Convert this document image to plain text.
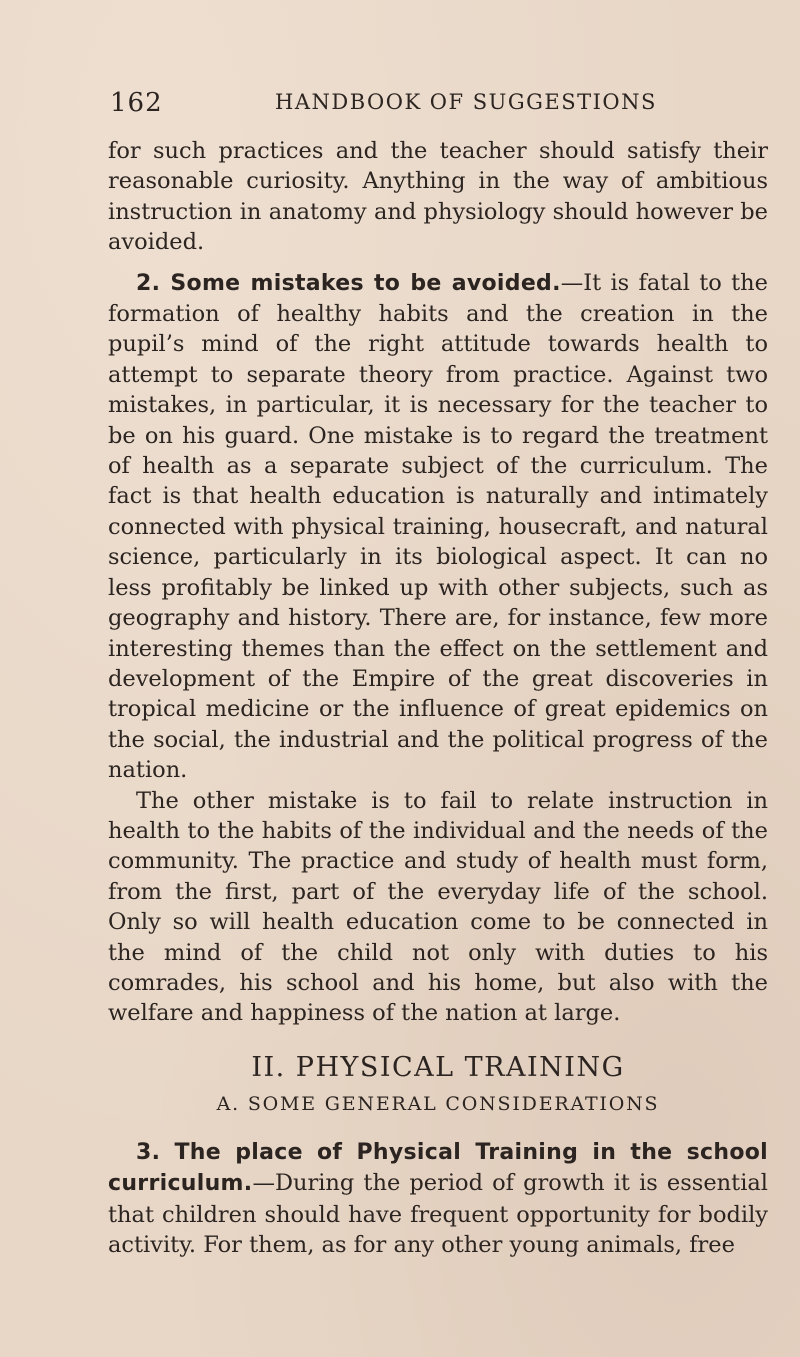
162	HANDBOOK OF SUGGESTIONS

for such practices and the teacher should satisfy their reasonable curiosity. Anything in the way of ambitious instruction in anatomy and physiology should however be avoided.

2. Some mistakes to be avoided.—It is fatal to the formation of healthy habits and the creation in the pupil’s mind of the right attitude towards health to attempt to separate theory from practice. Against two mistakes, in particular, it is necessary for the teacher to be on his guard. One mistake is to regard the treatment of health as a separate subject of the curriculum. The fact is that health education is naturally and intimately connected with physical training, housecraft, and natural science, particularly in its biological aspect. It can no less profitably be linked up with other subjects, such as geography and history. There are, for instance, few more interesting themes than the effect on the settlement and development of the Empire of the great discoveries in tropical medicine or the influence of great epidemics on the social, the industrial and the political progress of the nation.

The other mistake is to fail to relate instruction in health to the habits of the individual and the needs of the community. The practice and study of health must form, from the first, part of the everyday life of the school. Only so will health education come to be connected in the mind of the child not only with duties to his comrades, his school and his home, but also with the welfare and happiness of the nation at large.

II. PHYSICAL TRAINING
A. SOME GENERAL CONSIDERATIONS

3. The place of Physical Training in the school curriculum.—During the period of growth it is essential that children should have frequent opportunity for bodily activity. For them, as for any other young animals, free
